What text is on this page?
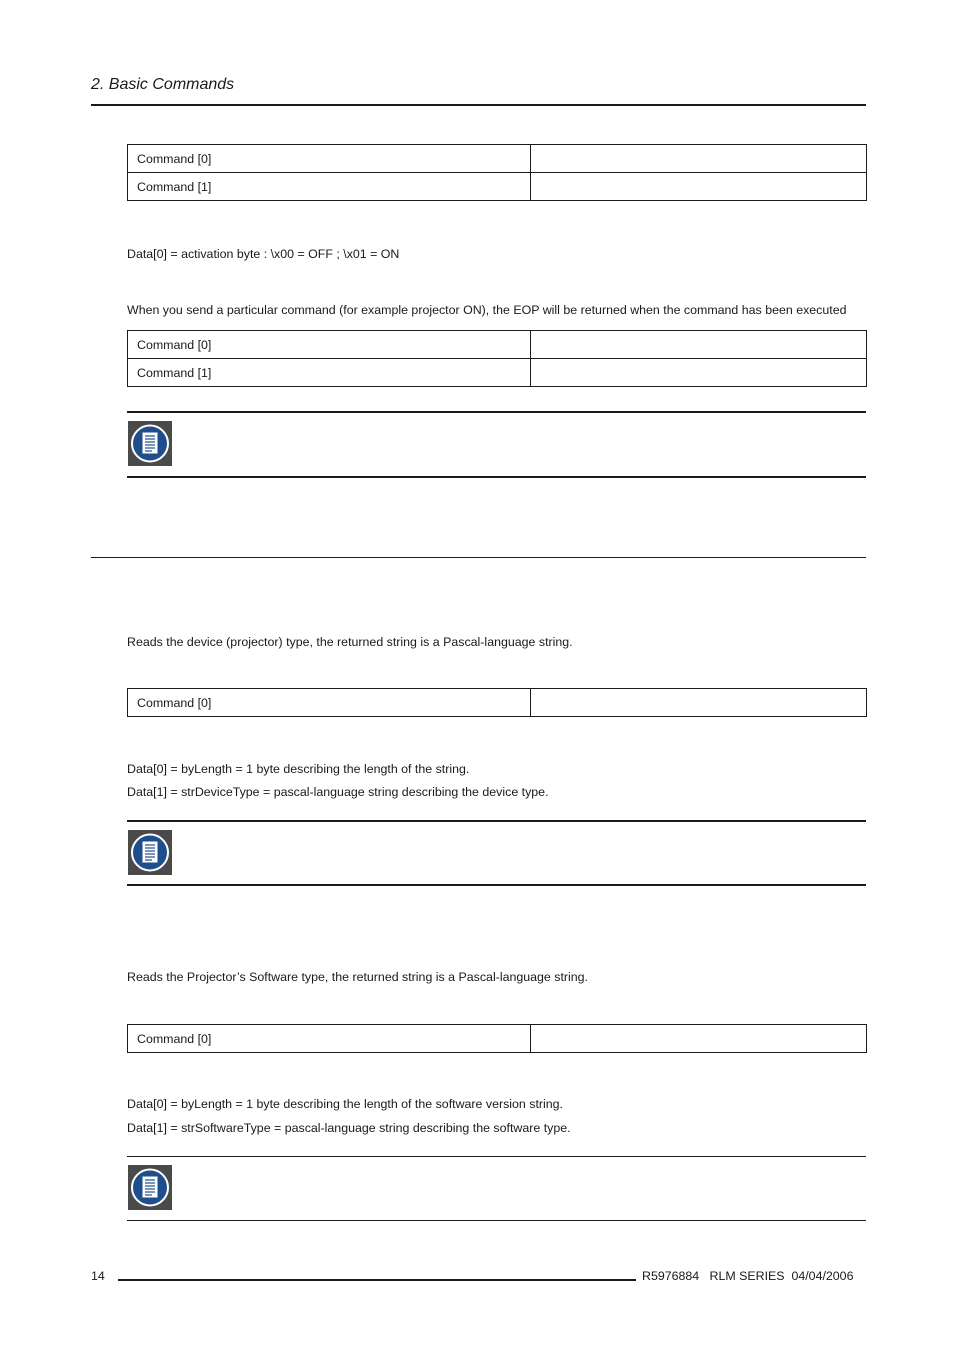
2. Basic Commands
Command [0]	
Command [1]	
Data[0] = activation byte : \x00 = OFF ; \x01 = ON
When you send a particular command (for example projector ON), the EOP will be returned when the command has been executed
Command [0]	
Command [1]	
Reads the device (projector) type, the returned string is a Pascal-language string.
Command [0]	
Data[0] = byLength = 1 byte describing the length of the string.
Data[1] = strDeviceType = pascal-language string describing the device type.
Reads the Projector’s Software type, the returned string is a Pascal-language string.
Command [0]	
Data[0] = byLength = 1 byte describing the length of the software version string.
Data[1] = strSoftwareType = pascal-language string describing the software type.
14	R5976884   RLM SERIES  04/04/2006
